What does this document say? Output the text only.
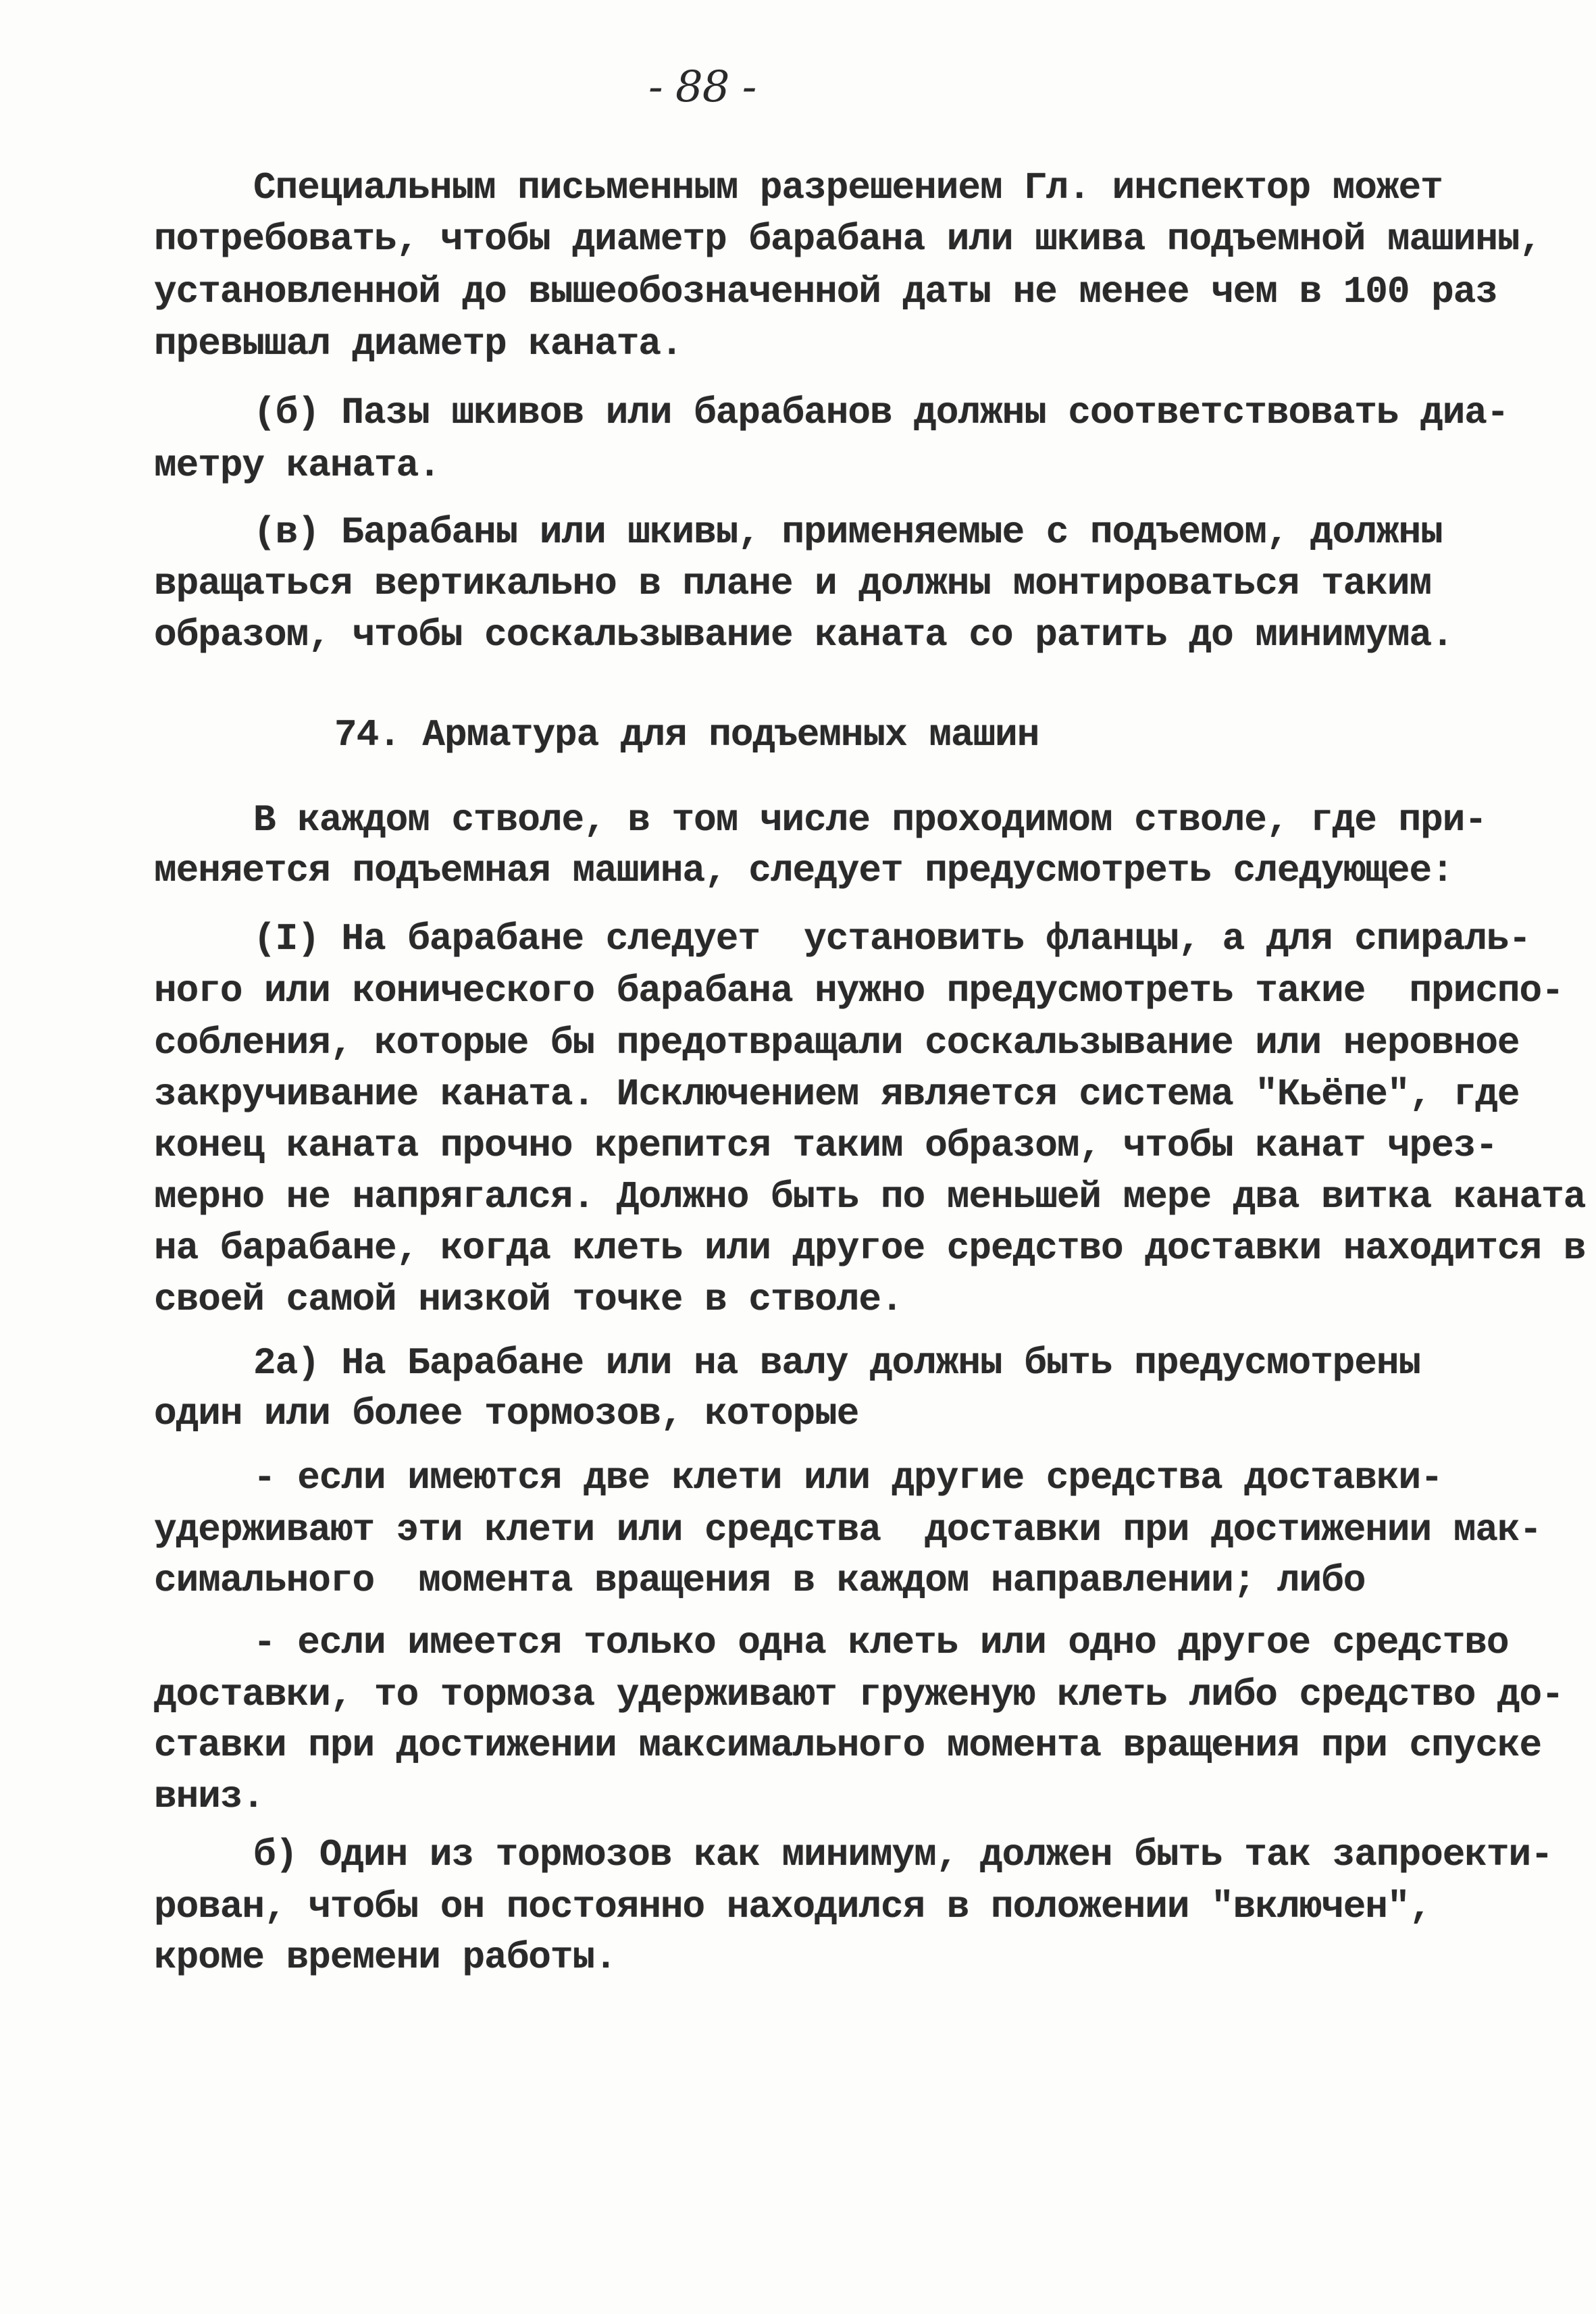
- 88 -
Специальным письменным разрешением Гл. инспектор может
потребовать, чтобы диаметр барабана или шкива подъемной машины,
установленной до вышеобозначенной даты не менее чем в 100 раз
превышал диаметр каната.
(б) Пазы шкивов или барабанов должны соответствовать диа-
метру каната.
(в) Барабаны или шкивы, применяемые с подъемом, должны
вращаться вертикально в плане и должны монтироваться таким
образом, чтобы соскальзывание каната со ратить до минимума.
74. Арматура для подъемных машин
В каждом стволе, в том числе проходимом стволе, где при-
меняется подъемная машина, следует предусмотреть следующее:
(I) На барабане следует  установить фланцы, а для спираль-
ного или конического барабана нужно предусмотреть такие  приспо-
собления, которые бы предотвращали соскальзывание или неровное
закручивание каната. Исключением является система "Кьёпе", где
конец каната прочно крепится таким образом, чтобы канат чрез-
мерно не напрягался. Должно быть по меньшей мере два витка каната
на барабане, когда клеть или другое средство доставки находится в
своей самой низкой точке в стволе.
2а) На Барабане или на валу должны быть предусмотрены
один или более тормозов, которые
- если имеются две клети или другие средства доставки-
удерживают эти клети или средства  доставки при достижении мак-
симального  момента вращения в каждом направлении; либо
- если имеется только одна клеть или одно другое средство
доставки, то тормоза удерживают груженую клеть либо средство до-
ставки при достижении максимального момента вращения при спуске
вниз.
б) Один из тормозов как минимум, должен быть так запроекти-
рован, чтобы он постоянно находился в положении "включен",
кроме времени работы.
